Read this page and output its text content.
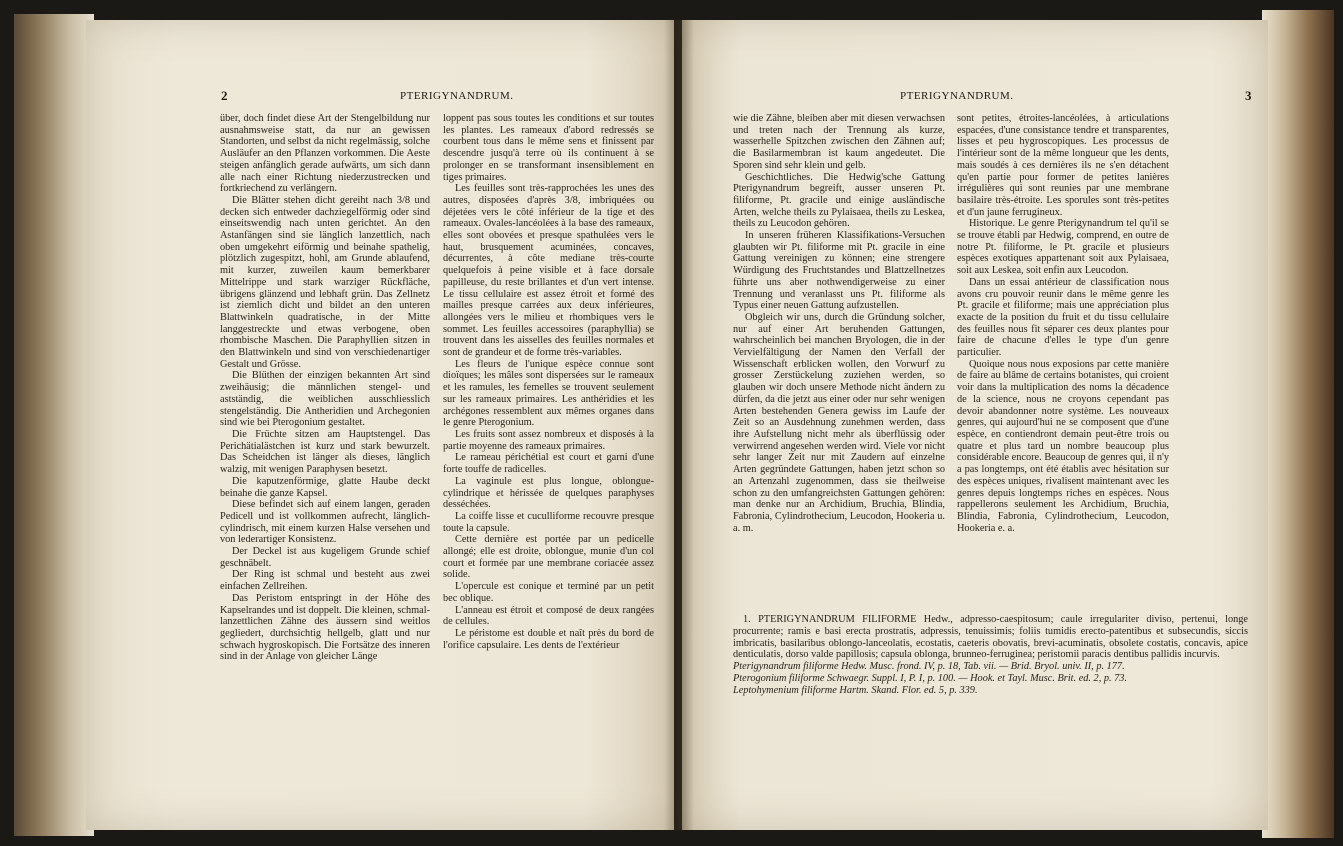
2	PTERIGYNANDRUM.	PTERIGYNANDRUM.	3

über, doch findet diese Art der Stengelbildung nur ausnahmsweise statt, da nur an gewissen Standorten, und selbst da nicht regelmässig, solche Ausläufer an den Pflanzen vorkommen. Die Aeste steigen anfänglich gerade aufwärts, um sich dann alle nach einer Richtung niederzustrecken und fortkriechend zu verlängern.

Die Blätter stehen dicht gereiht nach 3/8 und decken sich entweder dachziegelförmig oder sind einseitswendig nach unten gerichtet. An den Astanfängen sind sie länglich lanzettlich, nach oben umgekehrt eiförmig und beinahe spathelig, plötzlich zugespitzt, hohl, am Grunde ablaufend, mit kurzer, zuweilen kaum bemerkbarer Mittelrippe und stark warziger Rückfläche, übrigens glänzend und lebhaft grün. Das Zellnetz ist ziemlich dicht und bildet an den unteren Blattwinkeln quadratische, in der Mitte langgestreckte und etwas verbogene, oben rhombische Maschen. Die Paraphyllien sitzen in den Blattwinkeln und sind von verschiedenartiger Gestalt und Grösse.

Die Blüthen der einzigen bekannten Art sind zweihäusig; die männlichen stengel- und astständig, die weiblichen ausschliesslich stengelständig. Die Antheridien und Archegonien sind wie bei Pterogonium gestaltet.

Die Früchte sitzen am Hauptstengel. Das Perichätialästchen ist kurz und stark bewurzelt. Das Scheidchen ist länger als dieses, länglich walzig, mit wenigen Paraphysen besetzt.

Die kaputzenförmige, glatte Haube deckt beinahe die ganze Kapsel.

Diese befindet sich auf einem langen, geraden Pedicell und ist vollkommen aufrecht, länglich-cylindrisch, mit einem kurzen Halse versehen und von lederartiger Konsistenz.

Der Deckel ist aus kugeligem Grunde schief geschnäbelt.

Der Ring ist schmal und besteht aus zwei einfachen Zellreihen.

Das Peristom entspringt in der Höhe des Kapselrandes und ist doppelt. Die kleinen, schmal-lanzettlichen Zähne des äussern sind weitlos gegliedert, durchsichtig hellgelb, glatt und nur schwach hygroskopisch. Die Fortsätze des inneren sind in der Anlage von gleicher Länge

loppent pas sous toutes les conditions et sur toutes les plantes. Les rameaux d'abord redressés se courbent tous dans le même sens et finissent par descendre jusqu'à terre où ils continuent à se prolonger en se transformant insensiblement en tiges primaires.

Les feuilles sont très-rapprochées les unes des autres, disposées d'après 3/8, imbriquées ou déjetées vers le côté inférieur de la tige et des rameaux. Ovales-lancéolées à la base des rameaux, elles sont obovées et presque spathulées vers le haut, brusquement acuminées, concaves, décurrentes, à côte mediane très-courte quelquefois à peine visible et à face dorsale papilleuse, du reste brillantes et d'un vert intense. Le tissu cellulaire est assez étroit et formé des mailles presque carrées aux deux inférieures, allongées vers le milieu et rhombiques vers le sommet. Les feuilles accessoires (paraphyllia) se trouvent dans les aisselles des feuilles normales et sont de grandeur et de forme très-variables.

Les fleurs de l'unique espèce connue sont dioïques; les mâles sont dispersées sur le rameaux et les ramules, les femelles se trouvent seulement sur les rameaux primaires. Les anthéridies et les archégones ressemblent aux mêmes organes dans le genre Pterogonium.

Les fruits sont assez nombreux et disposés à la partie moyenne des rameaux primaires.

Le rameau périchétial est court et garni d'une forte touffe de radicelles.

La vaginule est plus longue, oblongue-cylindrique et hérissée de quelques paraphyses desséchées.

La coiffe lisse et cuculliforme recouvre presque toute la capsule.

Cette dernière est portée par un pedicelle allongé; elle est droite, oblongue, munie d'un col court et formée par une membrane coriacée assez solide.

L'opercule est conique et terminé par un petit bec oblique.

L'anneau est étroit et composé de deux rangées de cellules.

Le péristome est double et naît près du bord de l'orifice capsulaire. Les dents de l'extérieur

wie die Zähne, bleiben aber mit diesen verwachsen und treten nach der Trennung als kurze, wasserhelle Spitzchen zwischen den Zähnen auf; die Basilarmembran ist kaum angedeutet. Die Sporen sind sehr klein und gelb.

Geschichtliches. Die Hedwig'sche Gattung Pterigynandrum begreift, ausser unseren Pt. filiforme, Pt. gracile und einige ausländische Arten, welche theils zu Pylaisaea, theils zu Leskea, theils zu Leucodon gehören.

In unseren früheren Klassifikations-Versuchen glaubten wir Pt. filiforme mit Pt. gracile in eine Gattung vereinigen zu können; eine strengere Würdigung des Fruchtstandes und Blattzellnetzes führte uns aber nothwendigerweise zu einer Trennung und veranlasst uns Pt. filiforme als Typus einer neuen Gattung aufzustellen.

Obgleich wir uns, durch die Gründung solcher, nur auf einer Art beruhenden Gattungen, wahrscheinlich bei manchen Bryologen, die in der Vervielfältigung der Namen den Verfall der Wissenschaft erblicken wollen, den Vorwurf zu grosser Zerstückelung zuziehen werden, so glauben wir doch unsere Methode nicht ändern zu dürfen, da die jetzt aus einer oder nur sehr wenigen Arten bestehenden Genera gewiss im Laufe der Zeit so an Ausdehnung zunehmen werden, dass ihre Aufstellung nicht mehr als überflüssig oder verwirrend angesehen werden wird. Viele vor nicht sehr langer Zeit nur mit Zaudern auf einzelne Arten gegründete Gattungen, haben jetzt schon so an Artenzahl zugenommen, dass sie theilweise schon zu den umfangreichsten Gattungen gehören: man denke nur an Archidium, Bruchia, Blindia, Fabronia, Cylindrothecium, Leucodon, Hookeria u. a. m.

sont petites, étroites-lancéolées, à articulations espacées, d'une consistance tendre et transparentes, lisses et peu hygroscopiques. Les processus de l'intérieur sont de la même longueur que les dents, mais soudés à ces dernières ils ne s'en détachent qu'en partie pour former de petites lanières irrégulières qui sont reunies par une membrane basilaire très-étroite. Les sporules sont très-petites et d'un jaune ferrugineux.

Historique. Le genre Pterigynandrum tel qu'il se se trouve établi par Hedwig, comprend, en outre de notre Pt. filiforme, le Pt. gracile et plusieurs espèces exotiques appartenant soit aux Pylaisaea, soit aux Leskea, soit enfin aux Leucodon.

Dans un essai antérieur de classification nous avons cru pouvoir reunir dans le même genre les Pt. gracile et filiforme; mais une appréciation plus exacte de la position du fruit et du tissu cellulaire des feuilles nous fit séparer ces deux plantes pour faire de chacune d'elles le type d'un genre particulier.

Quoique nous nous exposions par cette manière de faire au blâme de certains botanistes, qui croient voir dans la multiplication des noms la décadence de la science, nous ne croyons cependant pas devoir abandonner notre système. Les nouveaux genres, qui aujourd'hui ne se composent que d'une espèce, en contiendront demain peut-être trois ou quatre et plus tard un nombre beaucoup plus considérable encore. Beaucoup de genres qui, il n'y a pas longtemps, ont été établis avec hésitation sur des espèces uniques, rivalisent maintenant avec les genres depuis longtemps riches en espèces. Nous rappellerons seulement les Archidium, Bruchia, Blindia, Fabronia, Cylindrothecium, Leucodon, Hookeria e. a.

1. PTERIGYNANDRUM FILIFORME Hedw., adpresso-caespitosum; caule irregulariter diviso, pertenui, longe procurrente; ramis e basi erecta prostratis, adpressis, tenuissimis; foliis tumidis erecto-patentibus et subsecundis, siccis imbricatis, basilaribus oblongo-lanceolatis, ecostatis, caeteris obovatis, brevi-acuminatis, obsolete costatis, concavis, apice denticulatis, dorso valde papillosis; capsula oblonga, brunneo-ferruginea; peristomii paracis dentibus pallidis incurvis.

Pterigynandrum filiforme Hedw. Musc. frond. IV, p. 18, Tab. vii. — Brid. Bryol. univ. II, p. 177.

Pterogonium filiforme Schwaegr. Suppl. I, P. I, p. 100. — Hook. et Tayl. Musc. Brit. ed. 2, p. 73.

Leptohymenium filiforme Hartm. Skand. Flor. ed. 5, p. 339.
